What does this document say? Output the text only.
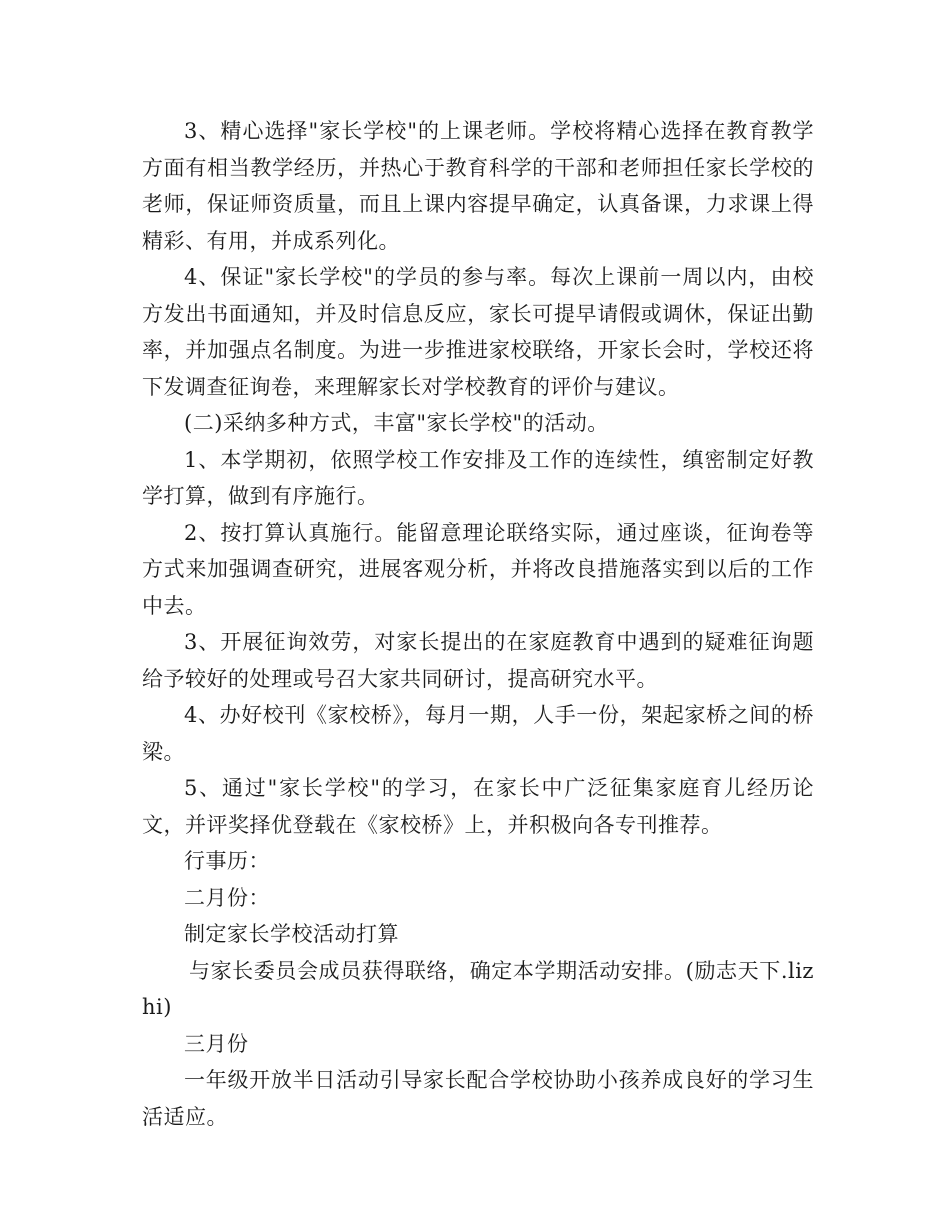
3、精心选择"家长学校"的上课老师。学校将精心选择在教育教学方面有相当教学经历，并热心于教育科学的干部和老师担任家长学校的老师，保证师资质量，而且上课内容提早确定，认真备课，力求课上得精彩、有用，并成系列化。

4、保证"家长学校"的学员的参与率。每次上课前一周以内，由校方发出书面通知，并及时信息反应，家长可提早请假或调休，保证出勤率，并加强点名制度。为进一步推进家校联络，开家长会时，学校还将下发调查征询卷，来理解家长对学校教育的评价与建议。

(二)采纳多种方式，丰富"家长学校"的活动。

1、本学期初，依照学校工作安排及工作的连续性，缜密制定好教学打算，做到有序施行。

2、按打算认真施行。能留意理论联络实际，通过座谈，征询卷等方式来加强调查研究，进展客观分析，并将改良措施落实到以后的工作中去。

3、开展征询效劳，对家长提出的在家庭教育中遇到的疑难征询题给予较好的处理或号召大家共同研讨，提高研究水平。

4、办好校刊《家校桥》，每月一期，人手一份，架起家桥之间的桥梁。

5、通过"家长学校"的学习，在家长中广泛征集家庭育儿经历论文，并评奖择优登载在《家校桥》上，并积极向各专刊推荐。

行事历：

二月份：

制定家长学校活动打算

与家长委员会成员获得联络，确定本学期活动安排。(励志天下.lizhi)

三月份

一年级开放半日活动引导家长配合学校协助小孩养成良好的学习生活适应。
